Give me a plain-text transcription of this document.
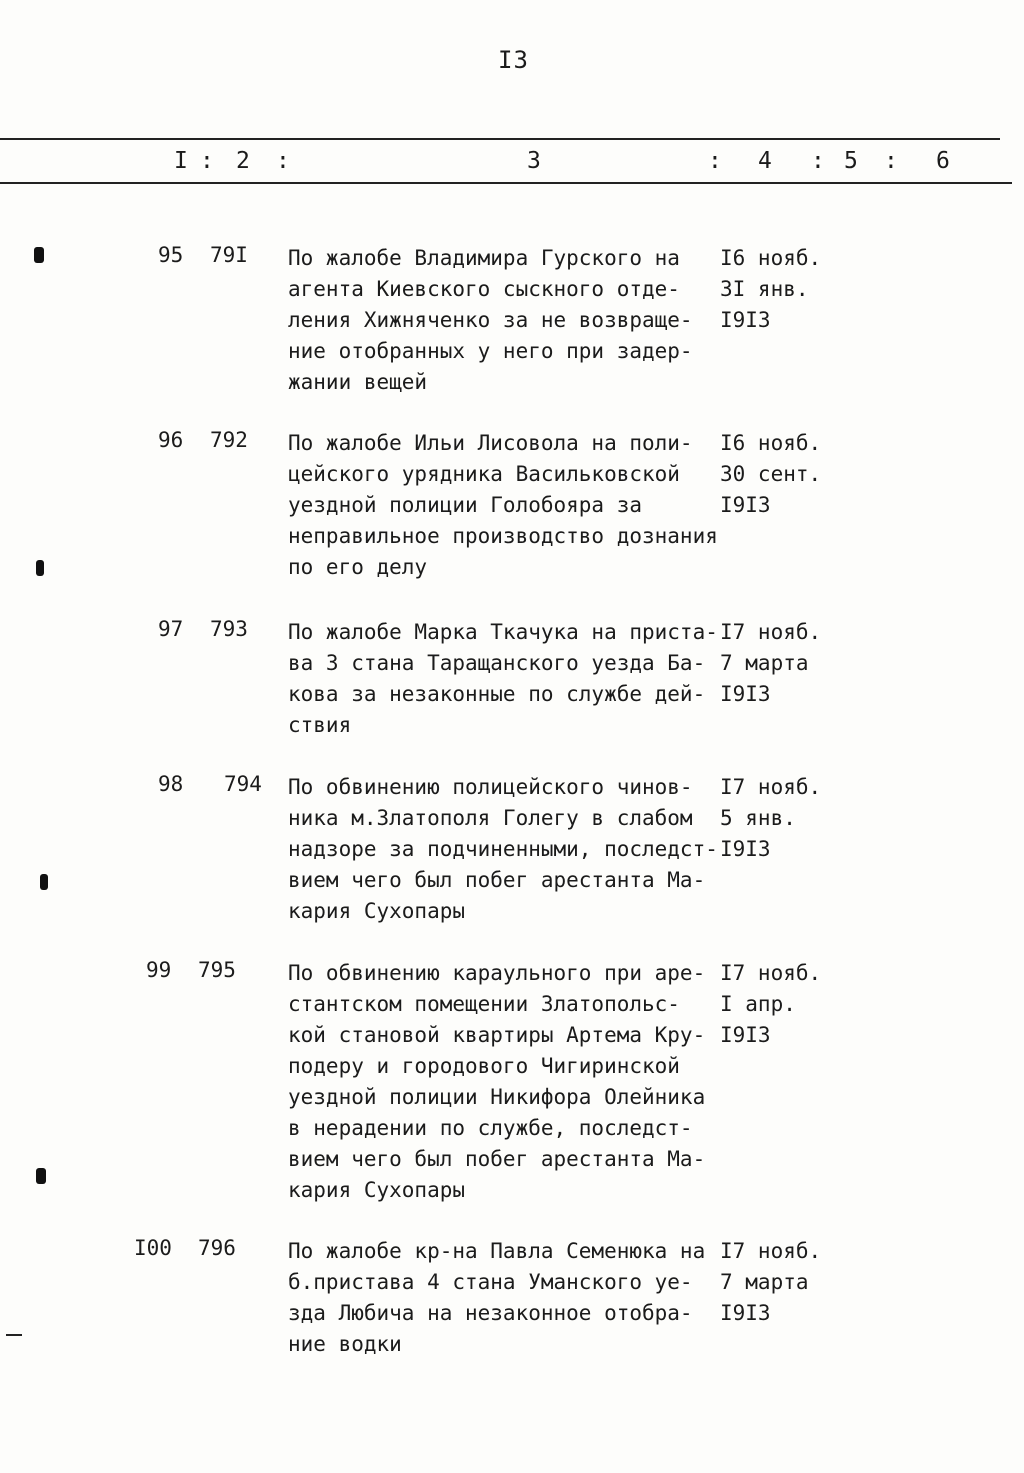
I3
I : 2 :	3	: 4 : 5 : 6
95 79I По жалобе Владимира Гурского на
агента Киевского сыскного отде-
ления Хижняченко за не возвраще-
ние отобранных у него при задер-
жании вещей
I6 нояб.
3I янв.
I9I3
96 792 По жалобе Ильи Лисовола на поли-
цейского урядника Васильковской
уездной полиции Голобояра за
неправильное производство дознания
по его делу
I6 нояб.
30 сент.
I9I3
97 793 По жалобе Марка Ткачука на приста-
ва 3 стана Таращанского уезда Ба-
кова за незаконные по службе дей-
ствия
I7 нояб.
7 марта
I9I3
98 794 По обвинению полицейского чинов-
ника м.Златополя Голегу в слабом
надзоре за подчиненными, последст-
вием чего был побег арестанта Ма-
кария Сухопары
I7 нояб.
5 янв.
I9I3
99 795 По обвинению караульного при аре-
стантском помещении Златопольс-
кой становой квартиры Артема Кру-
подеру и городового Чигиринской
уездной полиции Никифора Олейника
в нерадении по службе, последст-
вием чего был побег арестанта Ма-
кария Сухопары
I7 нояб.
I апр.
I9I3
I00 796 По жалобе кр-на Павла Семенюка на
б.пристава 4 стана Уманского уе-
зда Любича на незаконное отобра-
ние водки
I7 нояб.
7 марта
I9I3
